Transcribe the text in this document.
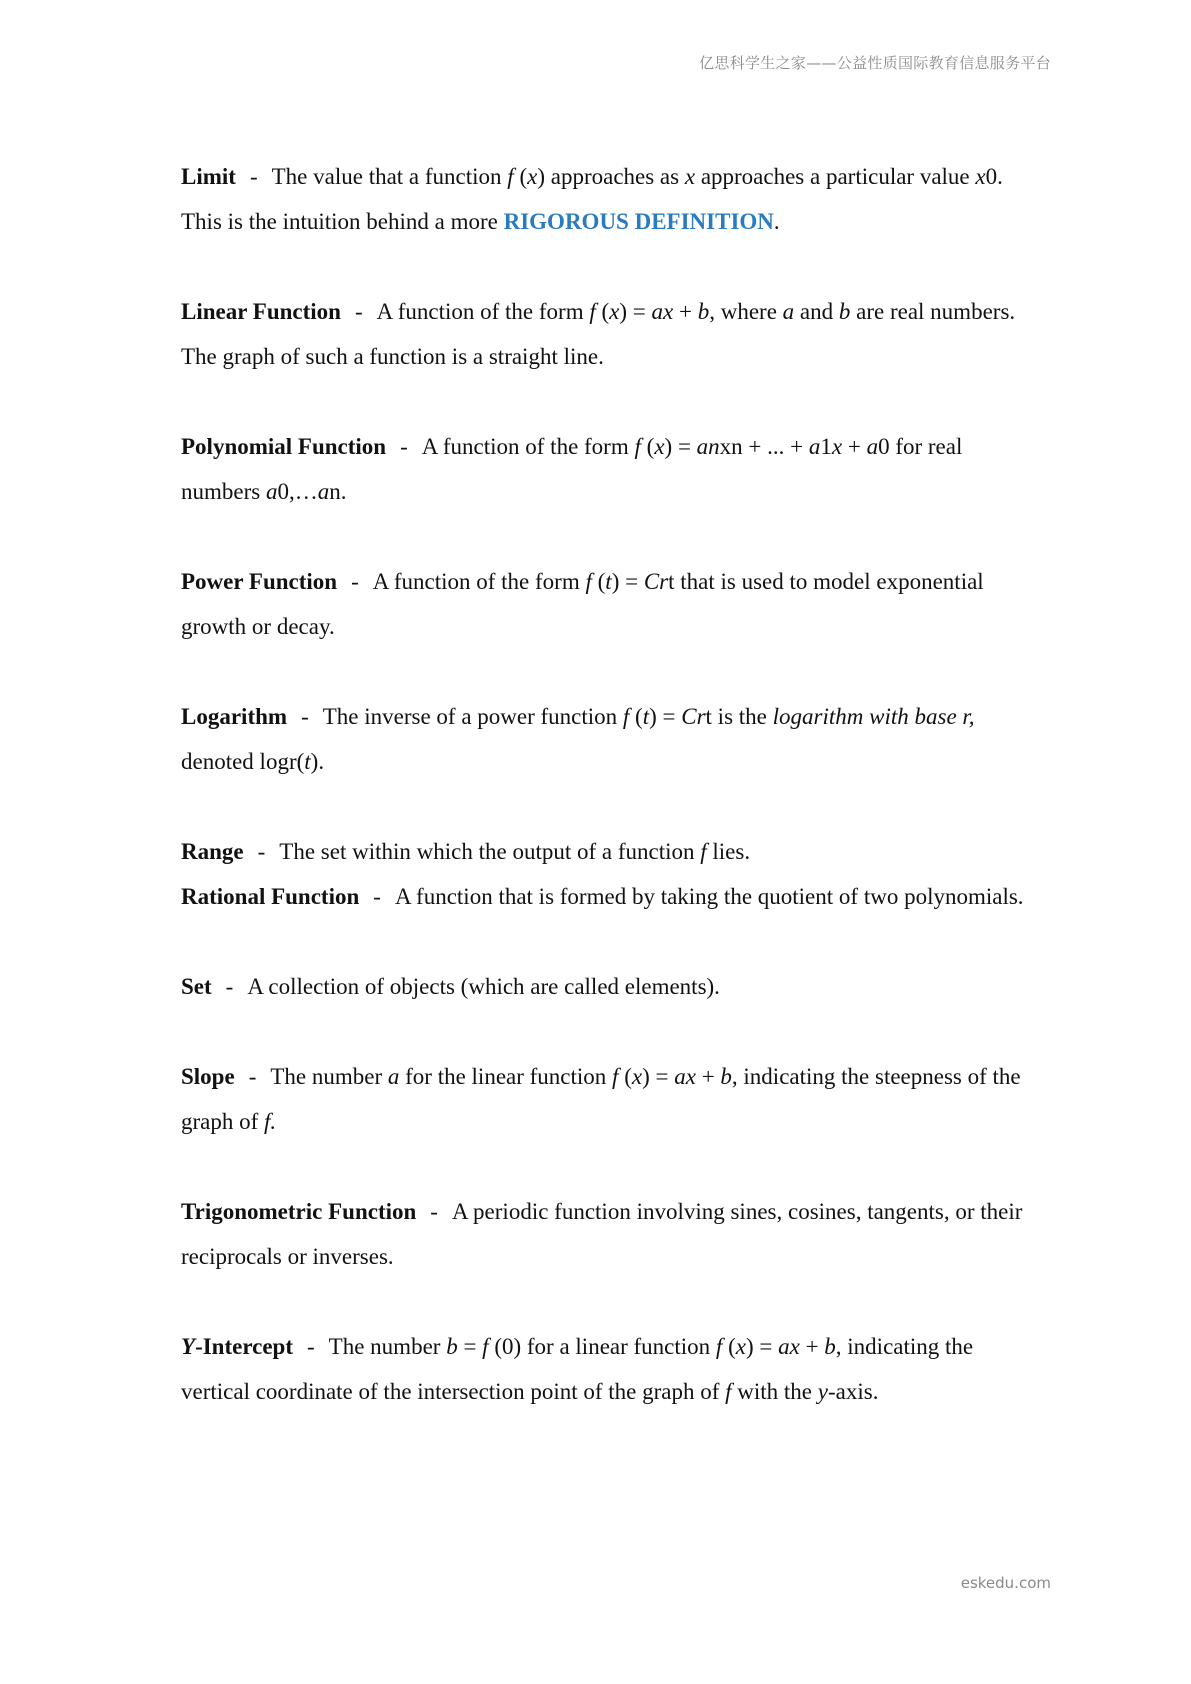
亿思科学生之家——公益性质国际教育信息服务平台
Limit - The value that a function f (x) approaches as x approaches a particular value x0. This is the intuition behind a more RIGOROUS DEFINITION.
Linear Function - A function of the form f (x) = ax + b, where a and b are real numbers. The graph of such a function is a straight line.
Polynomial Function - A function of the form f (x) = anxn + ... + a1x + a0 for real numbers a0,…an.
Power Function - A function of the form f (t) = Crt that is used to model exponential growth or decay.
Logarithm - The inverse of a power function f (t) = Crt is the logarithm with base r, denoted logr(t).
Range - The set within which the output of a function f lies.
Rational Function - A function that is formed by taking the quotient of two polynomials.
Set - A collection of objects (which are called elements).
Slope - The number a for the linear function f (x) = ax + b, indicating the steepness of the graph of f.
Trigonometric Function - A periodic function involving sines, cosines, tangents, or their reciprocals or inverses.
Y-Intercept - The number b = f (0) for a linear function f (x) = ax + b, indicating the vertical coordinate of the intersection point of the graph of f with the y-axis.
eskedu.com
